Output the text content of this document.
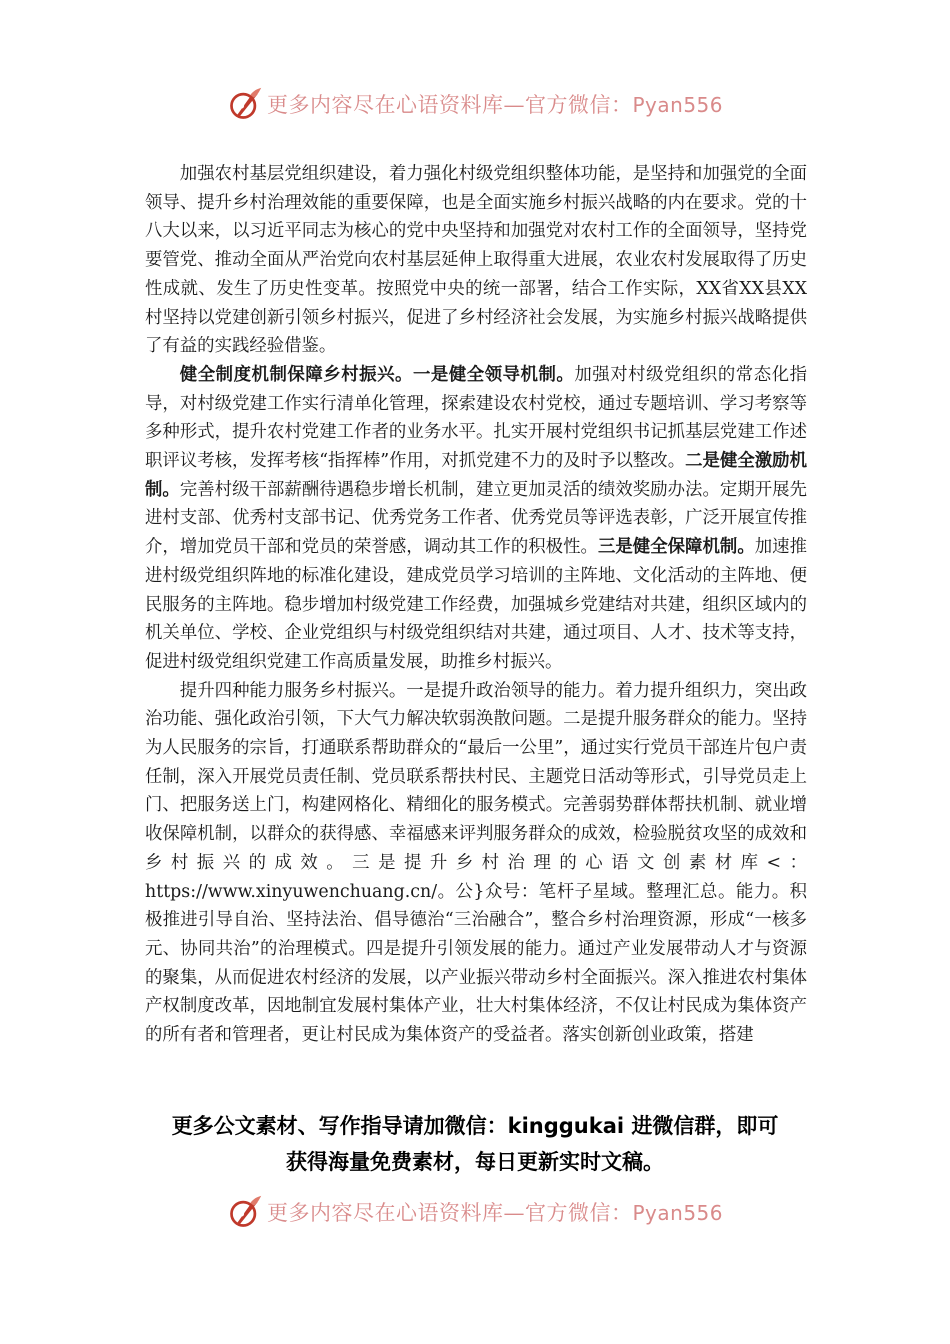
更多内容尽在心语资料库—官方微信：Pyan556

加强农村基层党组织建设，着力强化村级党组织整体功能，是坚持和加强党的全面领导、提升乡村治理效能的重要保障，也是全面实施乡村振兴战略的内在要求。党的十八大以来，以习近平同志为核心的党中央坚持和加强党对农村工作的全面领导，坚持党要管党、推动全面从严治党向农村基层延伸上取得重大进展，农业农村发展取得了历史性成就、发生了历史性变革。按照党中央的统一部署，结合工作实际，XX省XX县XX村坚持以党建创新引领乡村振兴，促进了乡村经济社会发展，为实施乡村振兴战略提供了有益的实践经验借鉴。

健全制度机制保障乡村振兴。一是健全领导机制。加强对村级党组织的常态化指导，对村级党建工作实行清单化管理，探索建设农村党校，通过专题培训、学习考察等多种形式，提升农村党建工作者的业务水平。扎实开展村党组织书记抓基层党建工作述职评议考核，发挥考核“指挥棒”作用，对抓党建不力的及时予以整改。二是健全激励机制。完善村级干部薪酬待遇稳步增长机制，建立更加灵活的绩效奖励办法。定期开展先进村支部、优秀村支部书记、优秀党务工作者、优秀党员等评选表彰，广泛开展宣传推介，增加党员干部和党员的荣誉感，调动其工作的积极性。三是健全保障机制。加速推进村级党组织阵地的标准化建设，建成党员学习培训的主阵地、文化活动的主阵地、便民服务的主阵地。稳步增加村级党建工作经费，加强城乡党建结对共建，组织区域内的机关单位、学校、企业党组织与村级党组织结对共建，通过项目、人才、技术等支持，促进村级党组织党建工作高质量发展，助推乡村振兴。

提升四种能力服务乡村振兴。一是提升政治领导的能力。着力提升组织力，突出政治功能、强化政治引领，下大气力解决软弱涣散问题。二是提升服务群众的能力。坚持为人民服务的宗旨，打通联系帮助群众的“最后一公里”，通过实行党员干部连片包户责任制，深入开展党员责任制、党员联系帮扶村民、主题党日活动等形式，引导党员走上门、把服务送上门，构建网格化、精细化的服务模式。完善弱势群体帮扶机制、就业增收保障机制，以群众的获得感、幸福感来评判服务群众的成效，检验脱贫攻坚的成效和乡村振兴的成效。三是提升乡村治理的心语文创素材库<：https://www.xinyuwenchuang.cn/。公}众号：笔杆子星域。整理汇总。能力。积极推进引导自治、坚持法治、倡导德治“三治融合”，整合乡村治理资源，形成“一核多元、协同共治”的治理模式。四是提升引领发展的能力。通过产业发展带动人才与资源的聚集，从而促进农村经济的发展，以产业振兴带动乡村全面振兴。深入推进农村集体产权制度改革，因地制宜发展村集体产业，壮大村集体经济，不仅让村民成为集体资产的所有者和管理者，更让村民成为集体资产的受益者。落实创新创业政策，搭建

更多公文素材、写作指导请加微信：kinggukai 进微信群，即可
获得海量免费素材，每日更新实时文稿。
更多内容尽在心语资料库—官方微信：Pyan556
